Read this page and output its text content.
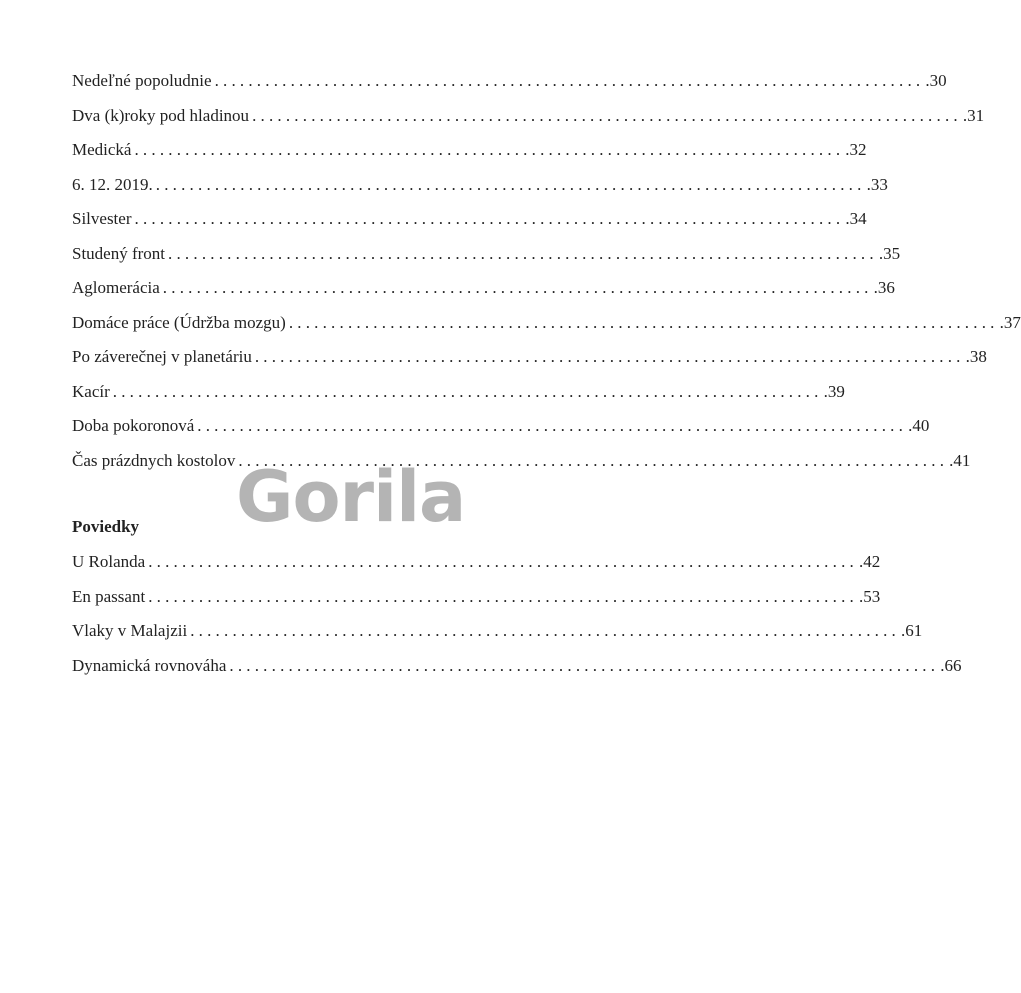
Nedeľné popoludnie .................................................................................... .30
Dva (k)roky pod hladinou .................................................................................... .31
Medická .................................................................................... .32
6. 12. 2019. .................................................................................... .33
Silvester .................................................................................... .34
Studený front .................................................................................... .35
Aglomerácia .................................................................................... .36
Domáce práce (Údržba mozgu) .................................................................................... .37
Po záverečnej v planetáriu .................................................................................... .38
Kacír .................................................................................... .39
Doba pokoronová .................................................................................... .40
Čas prázdnych kostolov .................................................................................... .41
Gorila
Poviedky
U Rolanda .................................................................................... .42
En passant .................................................................................... .53
Vlaky v Malajzii .................................................................................... .61
Dynamická rovnováha .................................................................................... .66
